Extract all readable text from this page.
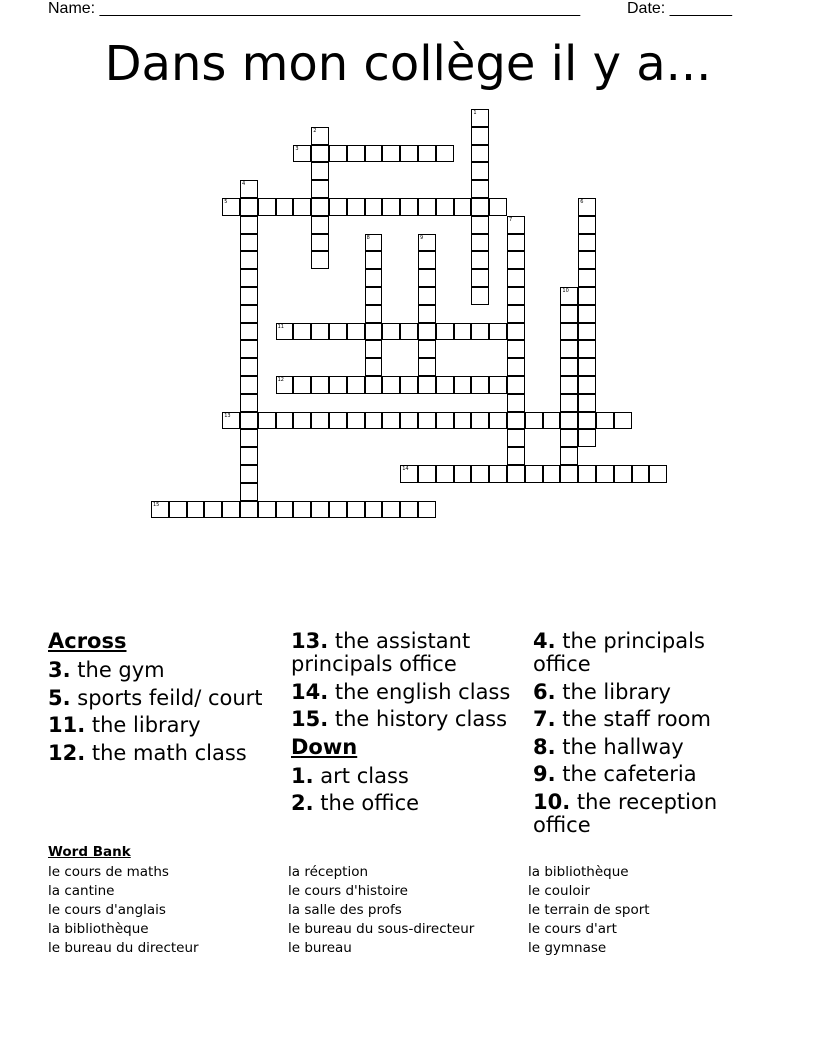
Name: ______________________________________________________	Date: _______
Dans mon collège il y a...
1
2
3
4
5	6
7
8	9
10
11
12
13
14
15
Across
3. the gym
5. sports feild/ court
11. the library
12. the math class
13. the assistant principals office
14. the english class
15. the history class
Down
1. art class
2. the office
4. the principals office
6. the library
7. the staff room
8. the hallway
9. the cafeteria
10. the reception office
Word Bank
le cours de maths
la cantine
le cours d'anglais
la bibliothèque
le bureau du directeur
la réception
le cours d'histoire
la salle des profs
le bureau du sous-directeur
le bureau
la bibliothèque
le couloir
le terrain de sport
le cours d'art
le gymnase
